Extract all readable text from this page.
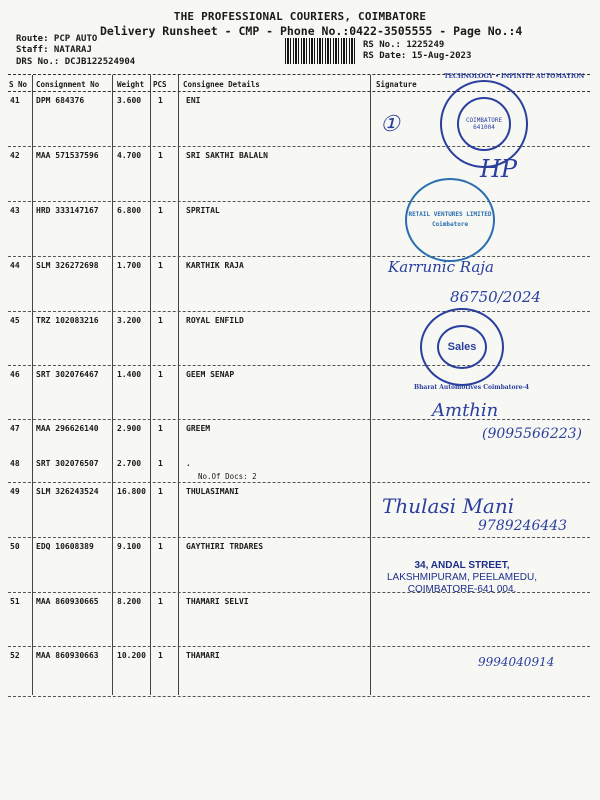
THE PROFESSIONAL COURIERS, COIMBATORE
Delivery Runsheet - CMP - Phone No.:0422-3505555 - Page No.:4
Route: PCP AUTO
Staff: NATARAJ
DRS No.: DCJB122524904
RS No.: 1225249
RS Date: 15-Aug-2023
S No Consignment No Weight PCS Consignee Details	Signature
41 DPM 684376	3.600 1	ENI
42 MAA 571537596 4.700 1	SRI SAKTHI BALALN
43 HRD 333147167 6.800 1	SPRITAL
44 SLM 326272698 1.700 1	KARTHIK RAJA
45 TRZ 102083216 3.200 1	ROYAL ENFILD
46 SRT 302076467 1.400 1	GEEM SENAP
47 MAA 296626140 2.900 1	GREEM
48 SRT 302076507 2.700 1	.
49 SLM 326243524 16.800 1	THULASIMANI
50 EDQ 10608389	9.100 1	GAYTHIRI TRDARES
51 MAA 860930665 8.200 1	THAMARI SELVI
52 MAA 860930663 10.200 1	THAMARI
No.Of Docs: 2
COIMBATORE 641004
TECHNOLOGY • INFINITE AUTOMATION
RETAIL VENTURES LIMITED
Coimbatore
Sales
Bharat Automotives Coimbatore-4
①
HP
Karrunic Raja
86750/2024
Amthin
(9095566223)
Thulasi Mani
9789246443
9994040914
34, ANDAL STREET,
LAKSHMIPURAM, PEELAMEDU,
COIMBATORE-641 004.
